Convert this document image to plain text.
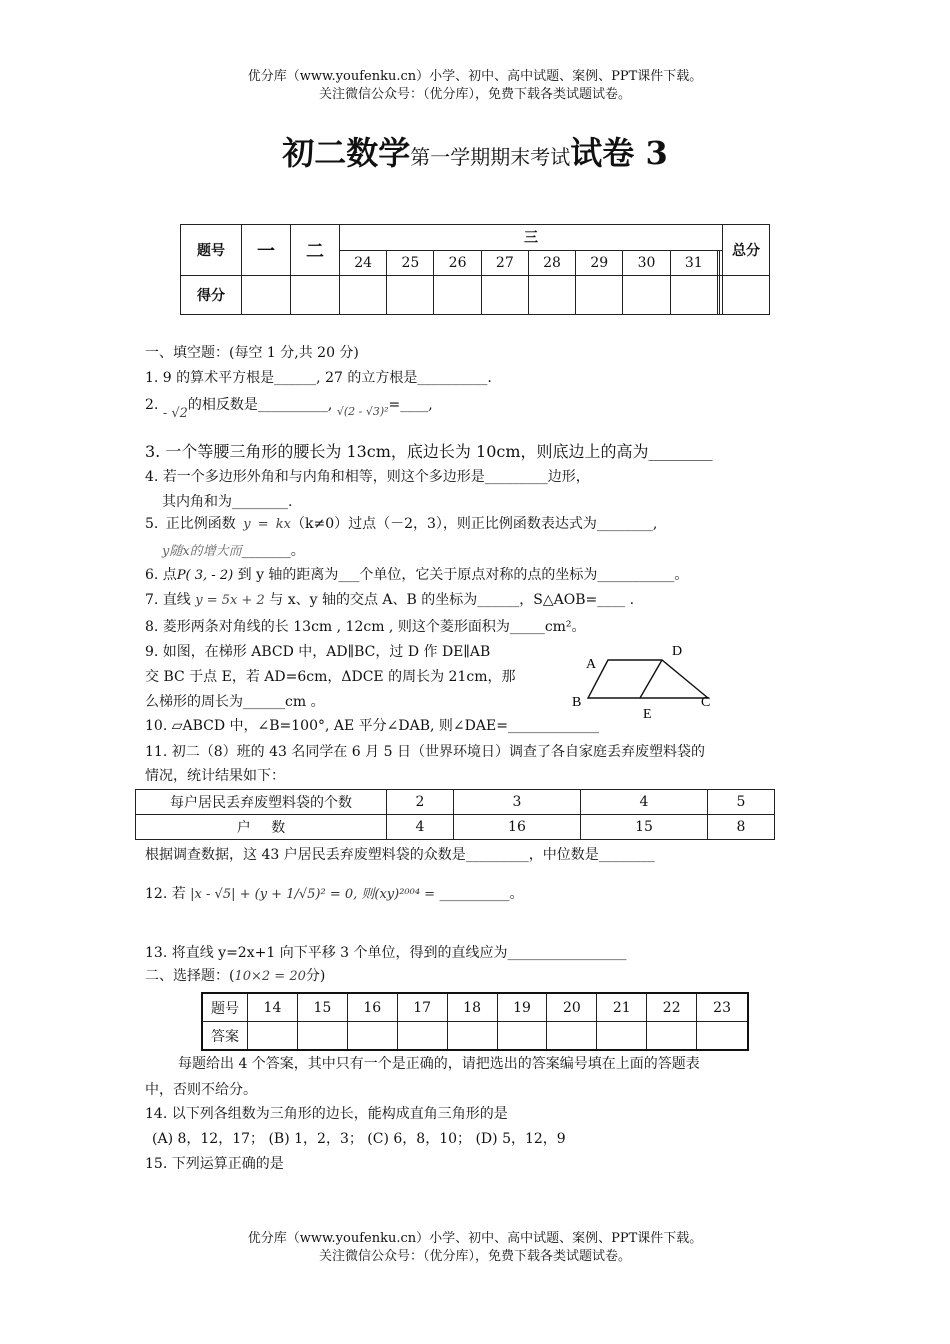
优分库（www.youfenku.cn）小学、初中、高中试题、案例、PPT课件下载。
关注微信公众号：（优分库），免费下载各类试题试卷。
初二数学第一学期期末考试试卷 3
题号	一	二	三										总分
			24	25	26	27	28	29	30	31			
得分													
一、填空题：(每空 1 分,共 20 分)
1. 9 的算术平方根是______, 27 的立方根是__________.
2. - √2的相反数是__________, $_{√(2 - √3)^2}$=____,
3. 一个等腰三角形的腰长为 13cm，底边长为 10cm，则底边上的高为________
4. 若一个多边形外角和与内角和相等，则这个多边形是_________边形，
其内角和为________.
5. 正比例函数 y = kx（k≠0）过点（－2，3），则正比例函数表达式为________,
y随x的增大而_______。
6. 点P( 3, - 2) 到 y 轴的距离为___个单位，它关于原点对称的点的坐标为___________。
7. 直线 y = 5x + 2 与 x、y 轴的交点 A、B 的坐标为______，S△AOB=____ .
8. 菱形两条对角线的长 13cm , 12cm , 则这个菱形面积为_____cm²。
9. 如图，在梯形 ABCD 中，AD∥BC，过 D 作 DE∥AB
交 BC 于点 E，若 AD=6cm，ΔDCE 的周长为 21cm，那
么梯形的周长为______cm 。
A
D
B	C
E
10. ▱ABCD 中，∠B=100°, AE 平分∠DAB, 则∠DAE=_____________
11. 初二（8）班的 43 名同学在 6 月 5 日（世界环境日）调查了各自家庭丢弃废塑料袋的
情况，统计结果如下：
每户居民丢弃废塑料袋的个数	2	3	4	5
户 数	4	16	15	8
根据调查数据，这 43 户居民丢弃废塑料袋的众数是_________，中位数是________
12. 若 |x - √5| + (y + 1/√5)² = 0, 则(xy)²⁰⁰⁴ = __________。
13. 将直线 y=2x+1 向下平移 3 个单位，得到的直线应为_________________
二、选择题：(10×2 = 20分)
题号	14	15	16	17	18	19	20	21	22	23
答案										
每题给出 4 个答案，其中只有一个是正确的，请把选出的答案编号填在上面的答题表
中，否则不给分。
14. 以下列各组数为三角形的边长，能构成直角三角形的是
(A) 8，12，17； (B) 1，2，3； (C) 6，8，10； (D) 5，12，9
15. 下列运算正确的是
优分库（www.youfenku.cn）小学、初中、高中试题、案例、PPT课件下载。
关注微信公众号：（优分库），免费下载各类试题试卷。
